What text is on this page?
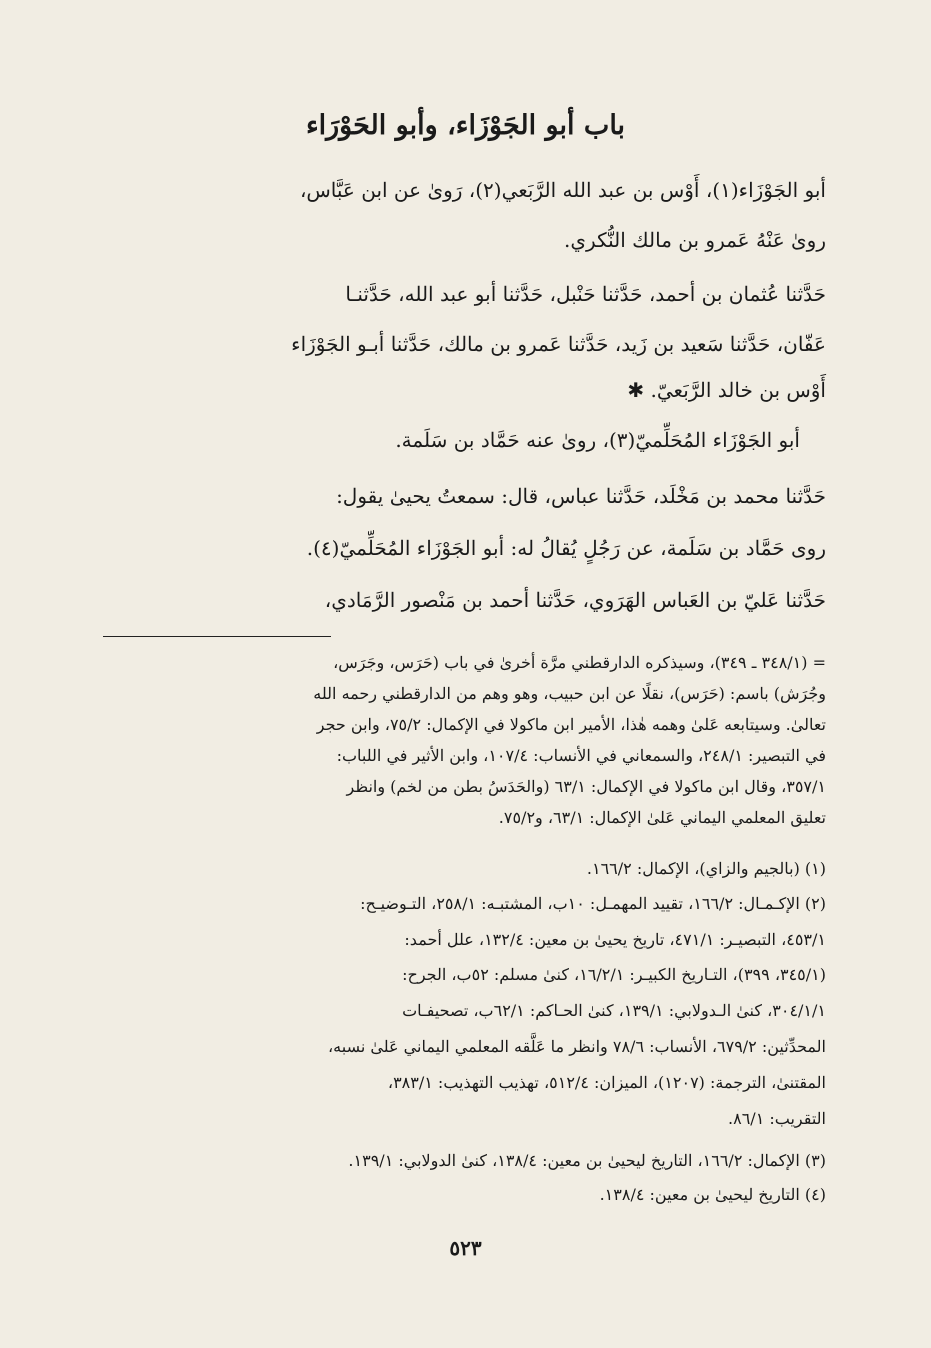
باب أبو الجَوْزَاء، وأبو الحَوْرَاء
أبو الجَوْزَاء(١)، أَوْس بن عبد الله الرَّبَعي(٢)، رَوىٰ عن ابن عَبَّاس،
روىٰ عَنْهُ عَمرو بن مالك النُّكري.
حَدَّثنا عُثمان بن أحمد، حَدَّثنا حَنْبل، حَدَّثنا أبو عبد الله، حَدَّثنـا
عَفّان، حَدَّثنا سَعيد بن زَيد، حَدَّثنا عَمرو بن مالك، حَدَّثنا أبـو الجَوْزَاء
أَوْس بن خالد الرَّبَعيّ. ✱
أبو الجَوْزَاء المُحَلِّميّ(٣)، روىٰ عنه حَمَّاد بن سَلَمة.
حَدَّثنا محمد بن مَخْلَد، حَدَّثنا عباس، قال: سمعتُ يحيىٰ يقول:
روى حَمَّاد بن سَلَمة، عن رَجُلٍ يُقالُ له: أبو الجَوْزَاء المُحَلِّميّ(٤).
حَدَّثنا عَليّ بن العَباس الهَرَوي، حَدَّثنا أحمد بن مَنْصور الرَّمَادي،
= (٣٤٨/١ ـ ٣٤٩)، وسيذكره الدارقطني مرَّة أخرىٰ في باب (حَرَس، وجَرَس،
وجُرَش) باسم: (حَرَس)، نقلًا عن ابن حبيب، وهو وهم من الدارقطني رحمه الله
تعالىٰ. وسيتابعه عَلىٰ وهمه هٰذا، الأمير ابن ماكولا في الإكمال: ٧٥/٢، وابن حجر
في التبصير: ٢٤٨/١، والسمعاني في الأنساب: ١٠٧/٤، وابن الأثير في اللباب:
٣٥٧/١، وقال ابن ماكولا في الإكمال: ٦٣/١ (والحَدَسُ بطن من لخم) وانظر
تعليق المعلمي اليماني عَلىٰ الإكمال: ٦٣/١، و٧٥/٢.
(١) (بالجيم والزاي)، الإكمال: ١٦٦/٢.
(٢) الإكـمـال: ١٦٦/٢، تقييد المهمـل: ١٠ب، المشتبـه: ٢٥٨/١، التـوضيـح:
٤٥٣/١، التبصيـر: ٤٧١/١، تاريخ يحيىٰ بن معين: ١٣٢/٤، علل أحمد:
(٣٤٥/١، ٣٩٩)، التـاريخ الكبيـر: ١٦/٢/١، كنىٰ مسلم: ٥٢ب، الجرح:
٣٠٤/١/١، كنىٰ الـدولابي: ١٣٩/١، كنىٰ الحـاكم: ٦٢/١ب، تصحيفـات
المحدِّثين: ٦٧٩/٢، الأنساب: ٧٨/٦ وانظر ما عَلَّقه المعلمي اليماني عَلىٰ نسبه،
المقتنىٰ، الترجمة: (١٢٠٧)، الميزان: ٥١٢/٤، تهذيب التهذيب: ٣٨٣/١،
التقريب: ٨٦/١.
(٣) الإكمال: ١٦٦/٢، التاريخ ليحيىٰ بن معين: ١٣٨/٤، كنىٰ الدولابي: ١٣٩/١.
(٤) التاريخ ليحيىٰ بن معين: ١٣٨/٤.
٥٢٣
